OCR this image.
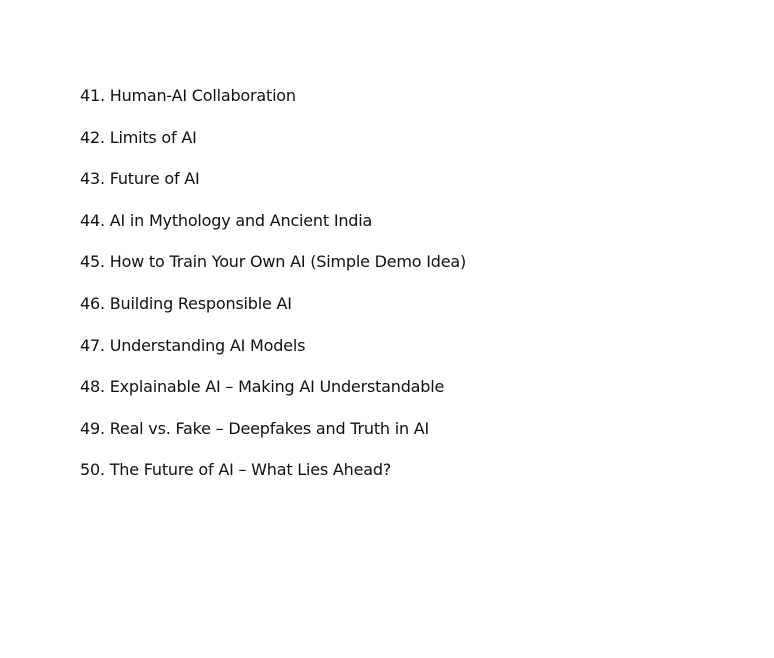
41. Human-AI Collaboration
42. Limits of AI
43. Future of AI
44. AI in Mythology and Ancient India
45. How to Train Your Own AI (Simple Demo Idea)
46. Building Responsible AI
47. Understanding AI Models
48. Explainable AI – Making AI Understandable
49. Real vs. Fake – Deepfakes and Truth in AI
50. The Future of AI – What Lies Ahead?
